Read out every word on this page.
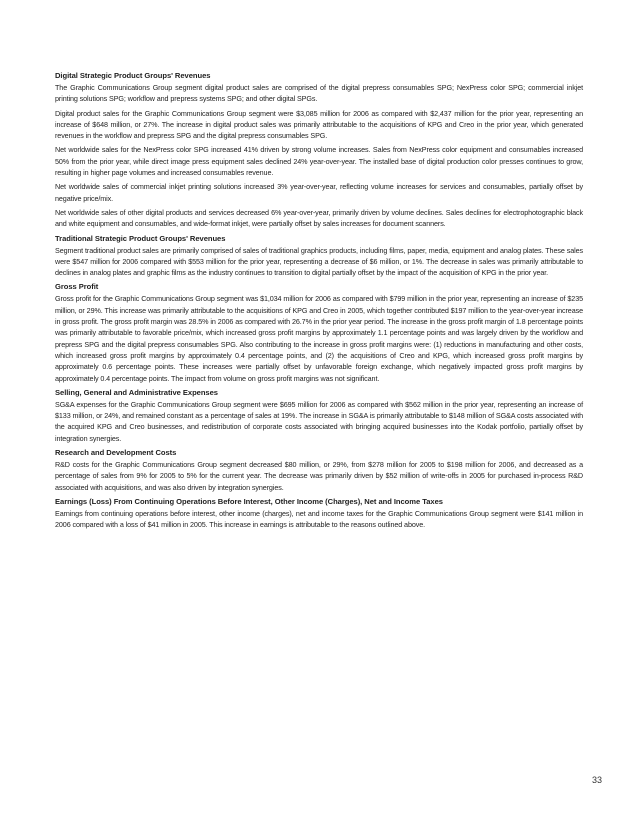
Digital Strategic Product Groups' Revenues

The Graphic Communications Group segment digital product sales are comprised of the digital prepress consumables SPG; NexPress color SPG; commercial inkjet printing solutions SPG; workflow and prepress systems SPG; and other digital SPGs.

Digital product sales for the Graphic Communications Group segment were $3,085 million for 2006 as compared with $2,437 million for the prior year, representing an increase of $648 million, or 27%. The increase in digital product sales was primarily attributable to the acquisitions of KPG and Creo in the prior year, which generated revenues in the workflow and prepress SPG and the digital prepress consumables SPG.

Net worldwide sales for the NexPress color SPG increased 41% driven by strong volume increases. Sales from NexPress color equipment and consumables increased 50% from the prior year, while direct image press equipment sales declined 24% year-over-year. The installed base of digital production color presses continues to grow, resulting in higher page volumes and increased consumables revenue.

Net worldwide sales of commercial inkjet printing solutions increased 3% year-over-year, reflecting volume increases for services and consumables, partially offset by negative price/mix.

Net worldwide sales of other digital products and services decreased 6% year-over-year, primarily driven by volume declines. Sales declines for electrophotographic black and white equipment and consumables, and wide-format inkjet, were partially offset by sales increases for document scanners.

Traditional Strategic Product Groups' Revenues

Segment traditional product sales are primarily comprised of sales of traditional graphics products, including films, paper, media, equipment and analog plates. These sales were $547 million for 2006 compared with $553 million for the prior year, representing a decrease of $6 million, or 1%. The decrease in sales was primarily attributable to declines in analog plates and graphic films as the industry continues to transition to digital partially offset by the impact of the acquisition of KPG in the prior year.

Gross Profit

Gross profit for the Graphic Communications Group segment was $1,034 million for 2006 as compared with $799 million in the prior year, representing an increase of $235 million, or 29%. This increase was primarily attributable to the acquisitions of KPG and Creo in 2005, which together contributed $197 million to the year-over-year increase in gross profit. The gross profit margin was 28.5% in 2006 as compared with 26.7% in the prior year period. The increase in the gross profit margin of 1.8 percentage points was primarily attributable to favorable price/mix, which increased gross profit margins by approximately 1.1 percentage points and was largely driven by the workflow and prepress SPG and the digital prepress consumables SPG. Also contributing to the increase in gross profit margins were: (1) reductions in manufacturing and other costs, which increased gross profit margins by approximately 0.4 percentage points, and (2) the acquisitions of Creo and KPG, which increased gross profit margins by approximately 0.6 percentage points. These increases were partially offset by unfavorable foreign exchange, which negatively impacted gross profit margins by approximately 0.4 percentage points. The impact from volume on gross profit margins was not significant.

Selling, General and Administrative Expenses

SG&A expenses for the Graphic Communications Group segment were $695 million for 2006 as compared with $562 million in the prior year, representing an increase of $133 million, or 24%, and remained constant as a percentage of sales at 19%. The increase in SG&A is primarily attributable to $148 million of SG&A costs associated with the acquired KPG and Creo businesses, and redistribution of corporate costs associated with bringing acquired businesses into the Kodak portfolio, partially offset by integration synergies.

Research and Development Costs

R&D costs for the Graphic Communications Group segment decreased $80 million, or 29%, from $278 million for 2005 to $198 million for 2006, and decreased as a percentage of sales from 9% for 2005 to 5% for the current year. The decrease was primarily driven by $52 million of write-offs in 2005 for purchased in-process R&D associated with acquisitions, and was also driven by integration synergies.

Earnings (Loss) From Continuing Operations Before Interest, Other Income (Charges), Net and Income Taxes

Earnings from continuing operations before interest, other income (charges), net and income taxes for the Graphic Communications Group segment were $141 million in 2006 compared with a loss of $41 million in 2005. This increase in earnings is attributable to the reasons outlined above.

33
